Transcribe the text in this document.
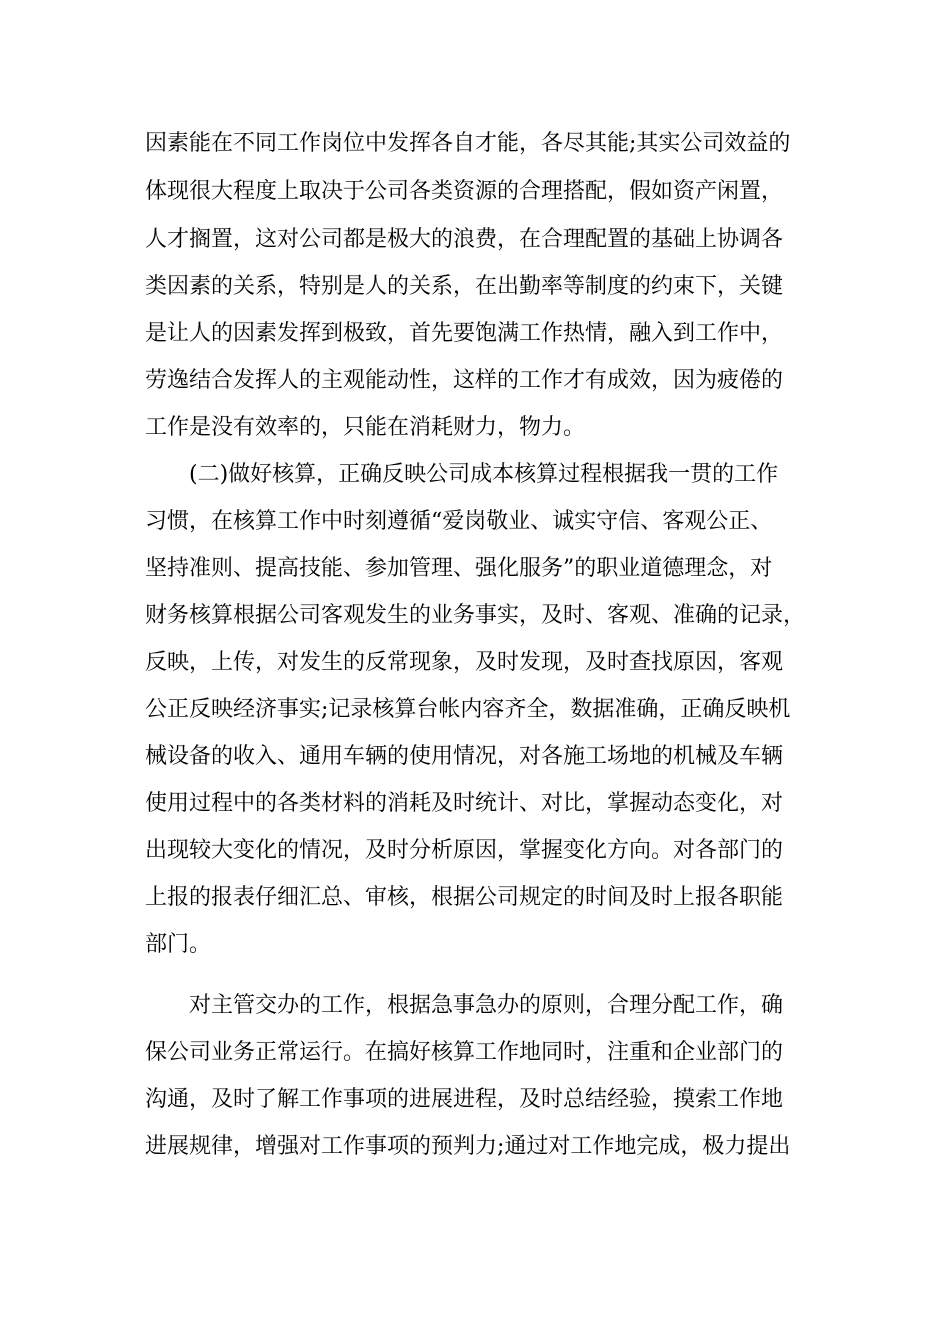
因素能在不同工作岗位中发挥各自才能，各尽其能;其实公司效益的
体现很大程度上取决于公司各类资源的合理搭配，假如资产闲置，
人才搁置，这对公司都是极大的浪费，在合理配置的基础上协调各
类因素的关系，特别是人的关系，在出勤率等制度的约束下，关键
是让人的因素发挥到极致，首先要饱满工作热情，融入到工作中，
劳逸结合发挥人的主观能动性，这样的工作才有成效，因为疲倦的
工作是没有效率的，只能在消耗财力，物力。
(二)做好核算，正确反映公司成本核算过程根据我一贯的工作
习惯，在核算工作中时刻遵循“爱岗敬业、诚实守信、客观公正、
坚持准则、提高技能、参加管理、强化服务”的职业道德理念，对
财务核算根据公司客观发生的业务事实，及时、客观、准确的记录，
反映，上传，对发生的反常现象，及时发现，及时查找原因，客观
公正反映经济事实;记录核算台帐内容齐全，数据准确，正确反映机
械设备的收入、通用车辆的使用情况，对各施工场地的机械及车辆
使用过程中的各类材料的消耗及时统计、对比，掌握动态变化，对
出现较大变化的情况，及时分析原因，掌握变化方向。对各部门的
上报的报表仔细汇总、审核，根据公司规定的时间及时上报各职能
部门。
对主管交办的工作，根据急事急办的原则，合理分配工作，确
保公司业务正常运行。在搞好核算工作地同时，注重和企业部门的
沟通，及时了解工作事项的进展进程，及时总结经验，摸索工作地
进展规律，增强对工作事项的预判力;通过对工作地完成，极力提出
